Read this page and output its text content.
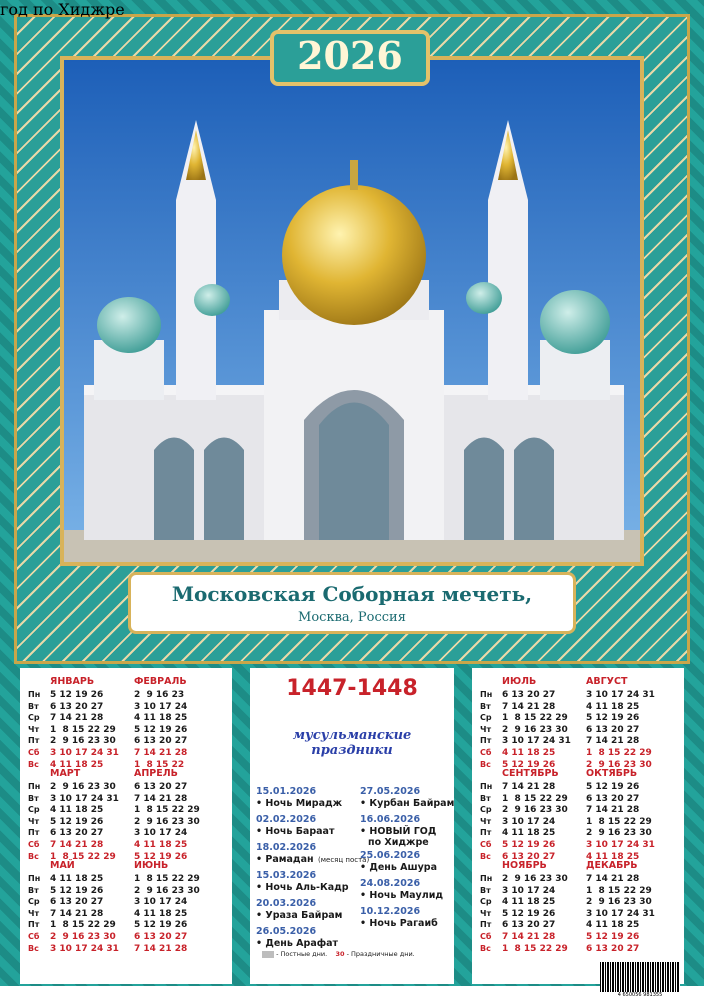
2026
Московская Соборная мечеть,
Москва, Россия
Пн
Вт
Ср
Чт
Пт
Сб
Вс
ЯНВАРЬ
5 12 19 26
6 13 20 27
7 14 21 28
1  8 15 22 29
2  9 16 23 30
3 10 17 24 31
4 11 18 25
ФЕВРАЛЬ
2  9 16 23
3 10 17 24
4 11 18 25
5 12 19 26
6 13 20 27
7 14 21 28
1  8 15 22
Пн
Вт
Ср
Чт
Пт
Сб
Вс
МАРТ
2  9 16 23 30
3 10 17 24 31
4 11 18 25
5 12 19 26
6 13 20 27
7 14 21 28
1  8 15 22 29
АПРЕЛЬ
6 13 20 27
7 14 21 28
1  8 15 22 29
2  9 16 23 30
3 10 17 24
4 11 18 25
5 12 19 26
Пн
Вт
Ср
Чт
Пт
Сб
Вс
МАЙ
4 11 18 25
5 12 19 26
6 13 20 27
7 14 21 28
1  8 15 22 29
2  9 16 23 30
3 10 17 24 31
ИЮНЬ
1  8 15 22 29
2  9 16 23 30
3 10 17 24
4 11 18 25
5 12 19 26
6 13 20 27
7 14 21 28
Пн
Вт
Ср
Чт
Пт
Сб
Вс
ИЮЛЬ
6 13 20 27
7 14 21 28
1  8 15 22 29
2  9 16 23 30
3 10 17 24 31
4 11 18 25
5 12 19 26
АВГУСТ
3 10 17 24 31
4 11 18 25
5 12 19 26
6 13 20 27
7 14 21 28
1  8 15 22 29
2  9 16 23 30
Пн
Вт
Ср
Чт
Пт
Сб
Вс
СЕНТЯБРЬ
7 14 21 28
1  8 15 22 29
2  9 16 23 30
3 10 17 24
4 11 18 25
5 12 19 26
6 13 20 27
ОКТЯБРЬ
5 12 19 26
6 13 20 27
7 14 21 28
1  8 15 22 29
2  9 16 23 30
3 10 17 24 31
4 11 18 25
Пн
Вт
Ср
Чт
Пт
Сб
Вс
НОЯБРЬ
2  9 16 23 30
3 10 17 24
4 11 18 25
5 12 19 26
6 13 20 27
7 14 21 28
1  8 15 22 29
ДЕКАБРЬ
7 14 21 28
1  8 15 22 29
2  9 16 23 30
3 10 17 24 31
4 11 18 25
5 12 19 26
6 13 20 27
1447-1448
год по Хиджре
мусульманские
праздники
15.01.2026
• Ночь Мирадж
02.02.2026
• Ночь Бараат
18.02.2026
• Рамадан (месяц поста)
15.03.2026
• Ночь Аль-Кадр
20.03.2026
• Ураза Байрам
26.05.2026
• День Арафат
27.05.2026
• Курбан Байрам
16.06.2026
• НОВЫЙ ГОД
по Хиджре
25.06.2026
• День Ашура
24.08.2026
• Ночь Маулид
10.12.2026
• Ночь Рагаиб
- Постные дни. 30 - Праздничные дни.
4 650056 981355
